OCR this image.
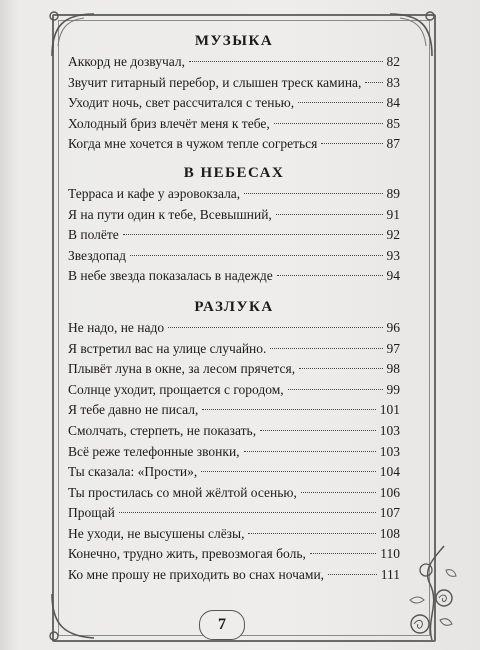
МУЗЫКА
Аккорд не дозвучал,	82
Звучит гитарный перебор, и слышен треск камина, 83
Уходит ночь, свет рассчитался с тенью,	84
Холодный бриз влечёт меня к тебе,	85
Когда мне хочется в чужом тепле согреться	87
В НЕБЕСАХ
Терраса и кафе у аэровокзала,	89
Я на пути один к тебе, Всевышний,	91
В полёте	92
Звездопад	93
В небе звезда показалась в надежде	94
РАЗЛУКА
Не надо, не надо	96
Я встретил вас на улице случайно.	97
Плывёт луна в окне, за лесом прячется,	98
Солнце уходит, прощается с городом,	99
Я тебе давно не писал,	101
Смолчать, стерпеть, не показать,	103
Всё реже телефонные звонки,	103
Ты сказала: «Прости»,	104
Ты простилась со мной жёлтой осенью,	106
Прощай	107
Не уходи, не высушены слёзы,	108
Конечно, трудно жить, превозмогая боль,	110
Ко мне прошу не приходить во снах ночами,	111
7
